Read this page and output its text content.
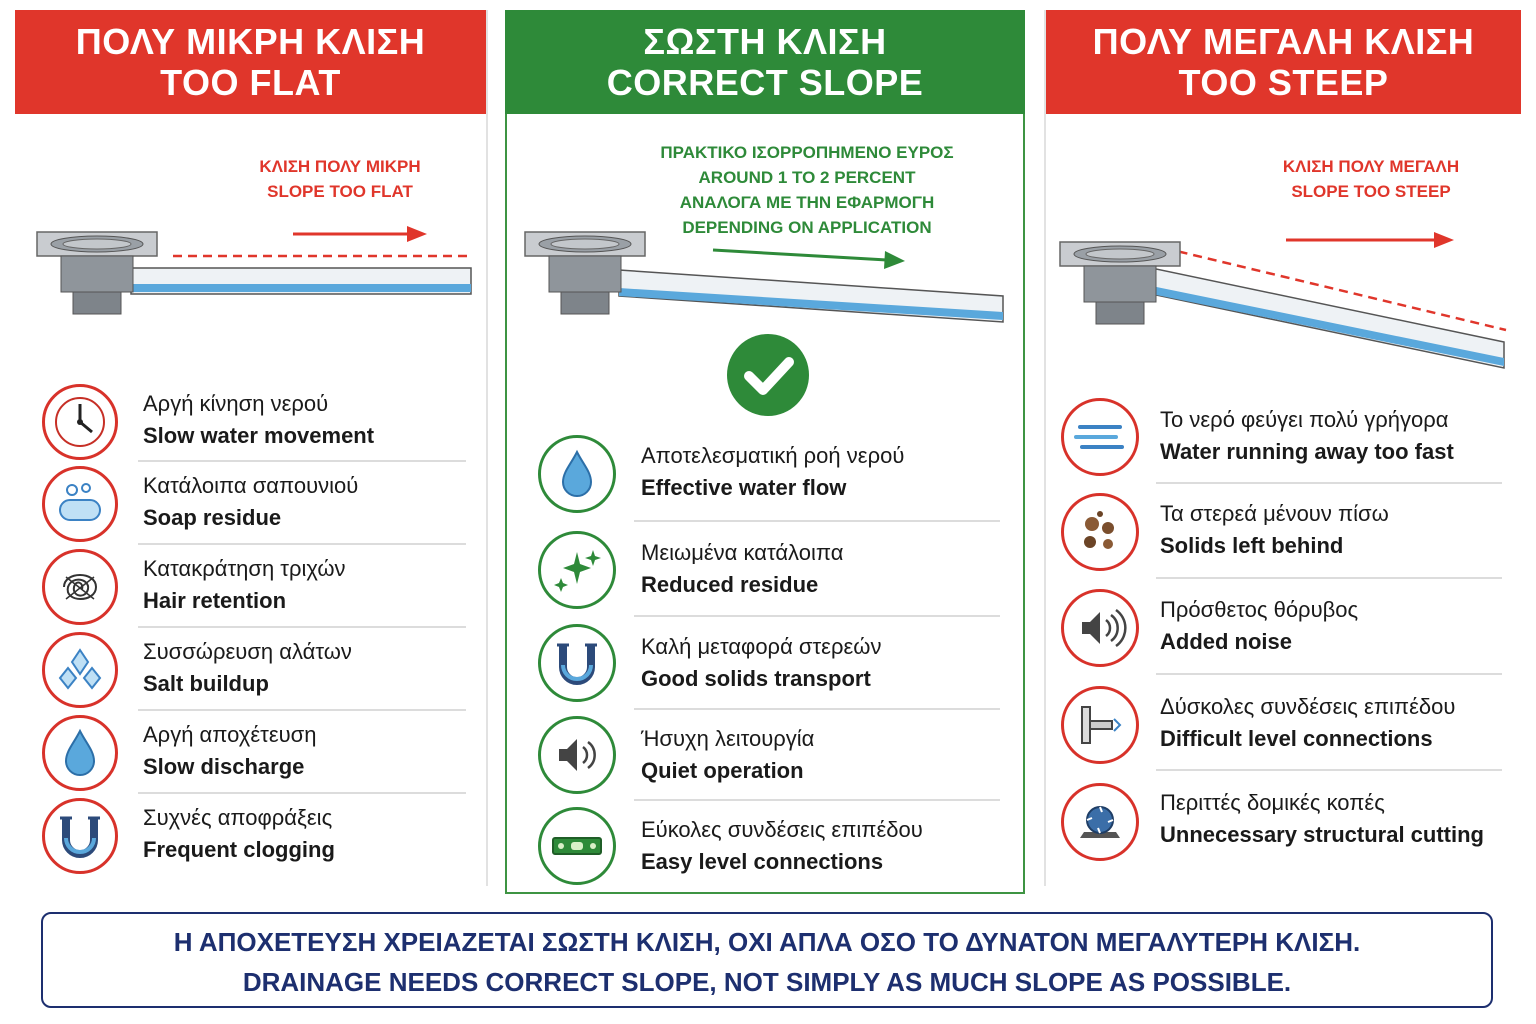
ΠΟΛΥ ΜΙΚΡΗ ΚΛΙΣΗ
TOO FLAT
ΚΛΙΣΗ ΠΟΛΥ ΜΙΚΡΗ
SLOPE TOO FLAT
ΣΩΣΤΗ ΚΛΙΣΗ
CORRECT SLOPE
ΠΡΑΚΤΙΚΟ ΙΣΟΡΡΟΠΗΜΕΝΟ ΕΥΡΟΣ
AROUND 1 TO 2 PERCENT
ΑΝΑΛΟΓΑ ΜΕ ΤΗΝ ΕΦΑΡΜΟΓΗ
DEPENDING ON APPLICATION
ΠΟΛΥ ΜΕΓΑΛΗ ΚΛΙΣΗ
TOO STEEP
ΚΛΙΣΗ ΠΟΛΥ ΜΕΓΑΛΗ
SLOPE TOO STEEP
Αργή κίνηση νερού
Slow water movement
Κατάλοιπα σαπουνιού
Soap residue
Κατακράτηση τριχών
Hair retention
Συσσώρευση αλάτων
Salt buildup
Αργή αποχέτευση
Slow discharge
Συχνές αποφράξεις
Frequent clogging
Αποτελεσματική ροή νερού
Effective water flow
Μειωμένα κατάλοιπα
Reduced residue
Καλή μεταφορά στερεών
Good solids transport
Ήσυχη λειτουργία
Quiet operation
Εύκολες συνδέσεις επιπέδου
Easy level connections
Το νερό φεύγει πολύ γρήγορα
Water running away too fast
Τα στερεά μένουν πίσω
Solids left behind
Πρόσθετος θόρυβος
Added noise
Δύσκολες συνδέσεις επιπέδου
Difficult level connections
Περιττές δομικές κοπές
Unnecessary structural cutting
Η ΑΠΟΧΕΤΕΥΣΗ ΧΡΕΙΑΖΕΤΑΙ ΣΩΣΤΗ ΚΛΙΣΗ, ΟΧΙ ΑΠΛΑ ΟΣΟ ΤΟ ΔΥΝΑΤΟΝ ΜΕΓΑΛΥΤΕΡΗ ΚΛΙΣΗ.
DRAINAGE NEEDS CORRECT SLOPE, NOT SIMPLY AS MUCH SLOPE AS POSSIBLE.
